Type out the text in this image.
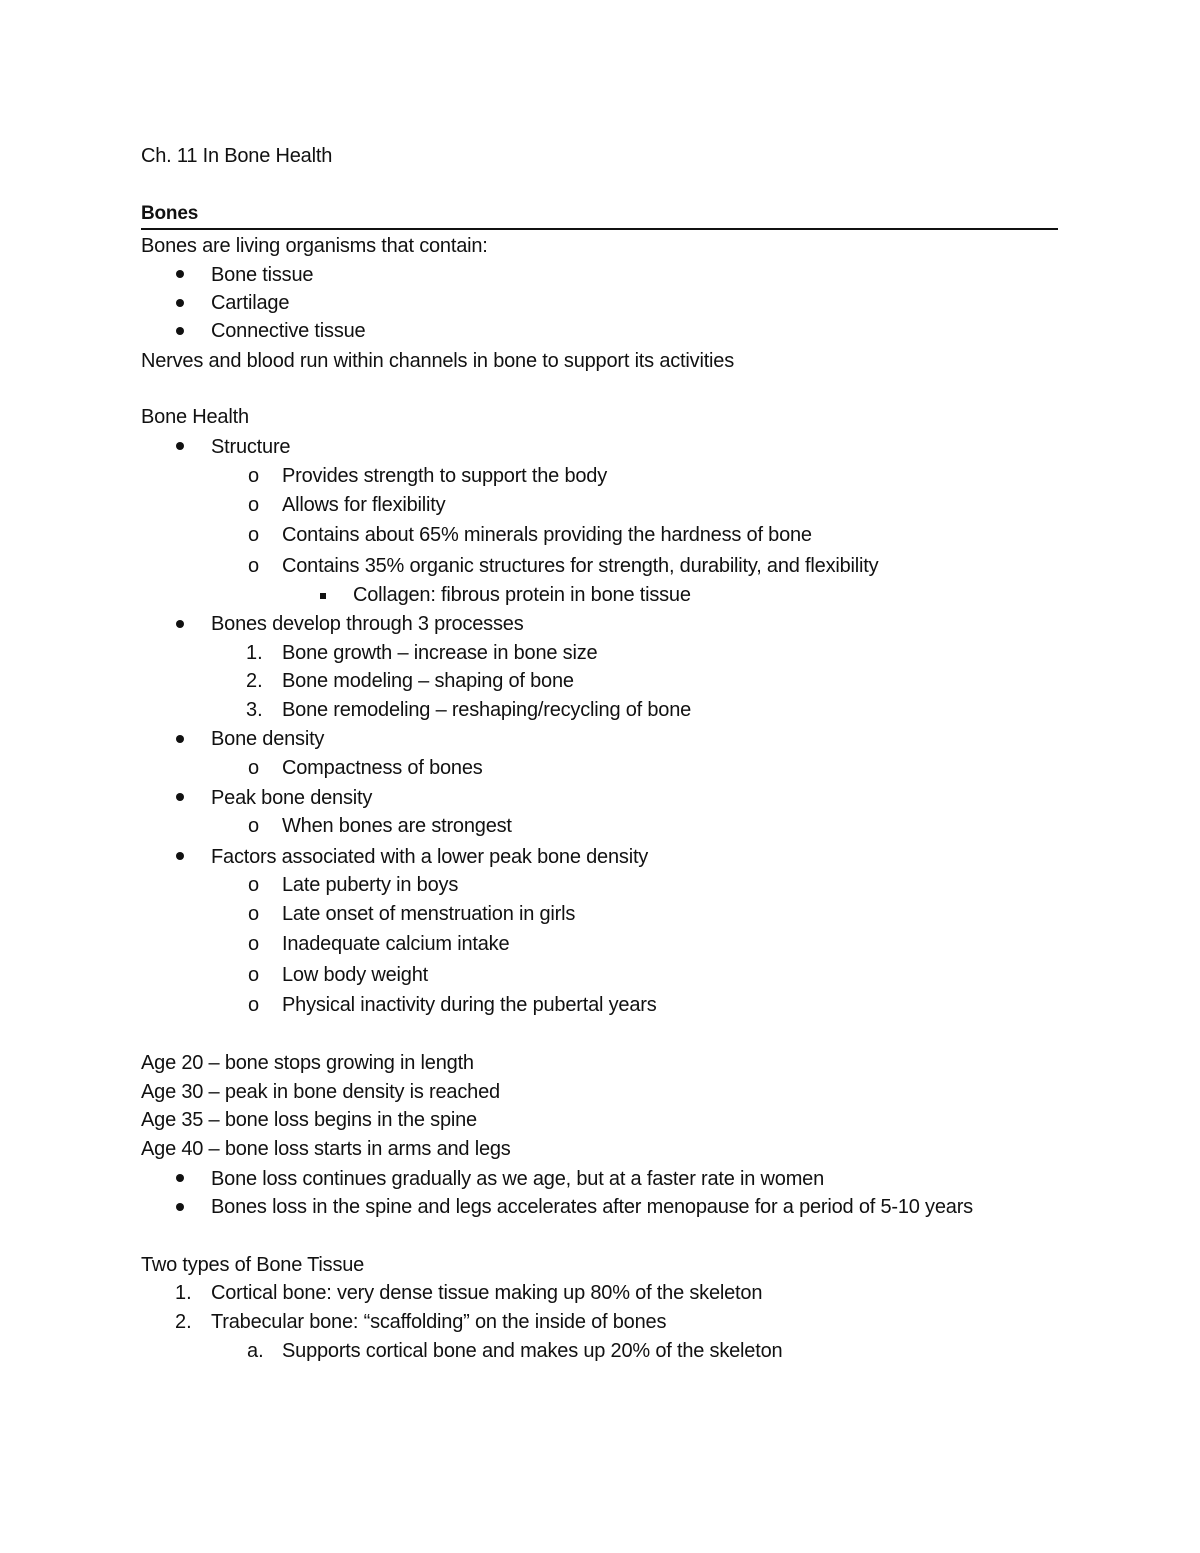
Ch. 11 In Bone Health
Bones
Bones are living organisms that contain:
Bone tissue
Cartilage
Connective tissue
Nerves and blood run within channels in bone to support its activities
Bone Health
Structure
o Provides strength to support the body
o Allows for flexibility
o Contains about 65% minerals providing the hardness of bone
o Contains 35% organic structures for strength, durability, and flexibility
Collagen: fibrous protein in bone tissue
Bones develop through 3 processes
1. Bone growth – increase in bone size
2. Bone modeling – shaping of bone
3. Bone remodeling – reshaping/recycling of bone
Bone density
o Compactness of bones
Peak bone density
o When bones are strongest
Factors associated with a lower peak bone density
o Late puberty in boys
o Late onset of menstruation in girls
o Inadequate calcium intake
o Low body weight
o Physical inactivity during the pubertal years
Age 20 – bone stops growing in length
Age 30 – peak in bone density is reached
Age 35 – bone loss begins in the spine
Age 40 – bone loss starts in arms and legs
Bone loss continues gradually as we age, but at a faster rate in women
Bones loss in the spine and legs accelerates after menopause for a period of 5-10 years
Two types of Bone Tissue
1. Cortical bone: very dense tissue making up 80% of the skeleton
2. Trabecular bone: “scaffolding” on the inside of bones
a. Supports cortical bone and makes up 20% of the skeleton
